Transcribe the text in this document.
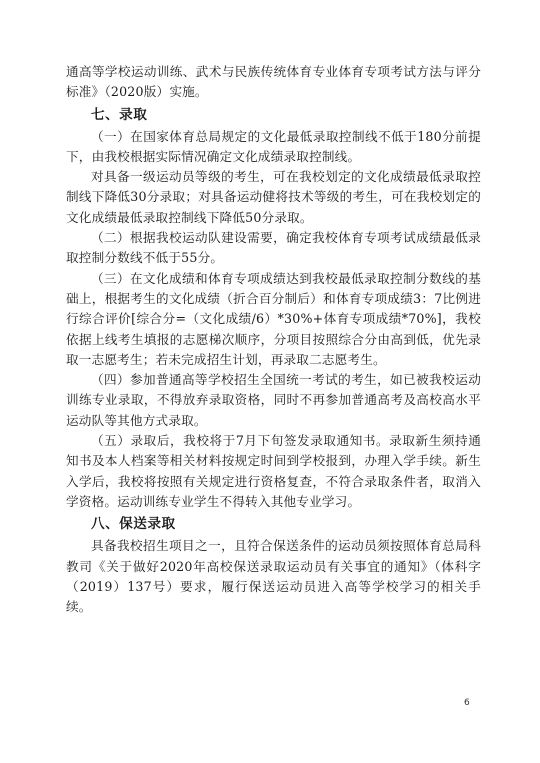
通高等学校运动训练、武术与民族传统体育专业体育专项考试方法与评分标准》（2020版）实施。

七、录取

（一）在国家体育总局规定的文化最低录取控制线不低于180分前提下，由我校根据实际情况确定文化成绩录取控制线。

对具备一级运动员等级的考生，可在我校划定的文化成绩最低录取控制线下降低30分录取；对具备运动健将技术等级的考生，可在我校划定的文化成绩最低录取控制线下降低50分录取。

（二）根据我校运动队建设需要，确定我校体育专项考试成绩最低录取控制分数线不低于55分。

（三）在文化成绩和体育专项成绩达到我校最低录取控制分数线的基础上，根据考生的文化成绩（折合百分制后）和体育专项成绩3：7比例进行综合评价[综合分=（文化成绩/6）*30%+体育专项成绩*70%]，我校依据上线考生填报的志愿梯次顺序，分项目按照综合分由高到低，优先录取一志愿考生；若未完成招生计划，再录取二志愿考生。

（四）参加普通高等学校招生全国统一考试的考生，如已被我校运动训练专业录取，不得放弃录取资格，同时不再参加普通高考及高校高水平运动队等其他方式录取。

（五）录取后，我校将于7月下旬签发录取通知书。录取新生须持通知书及本人档案等相关材料按规定时间到学校报到，办理入学手续。新生入学后，我校将按照有关规定进行资格复查，不符合录取条件者，取消入学资格。运动训练专业学生不得转入其他专业学习。

八、保送录取

具备我校招生项目之一，且符合保送条件的运动员须按照体育总局科教司《关于做好2020年高校保送录取运动员有关事宜的通知》（体科字（2019）137号）要求，履行保送运动员进入高等学校学习的相关手续。

6
